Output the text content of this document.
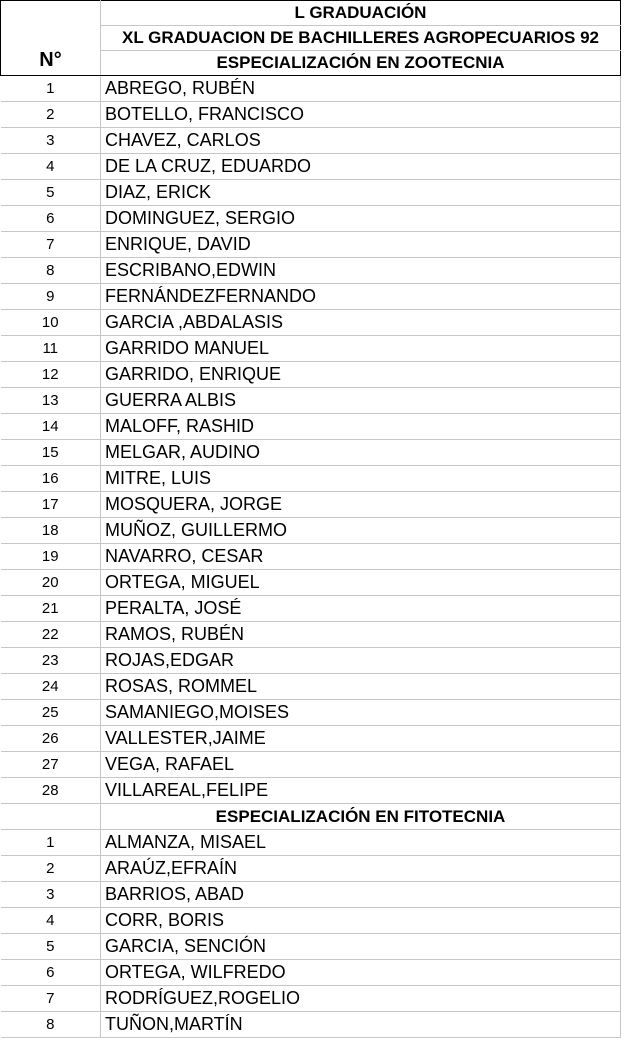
N°	L GRADUACIÓN
	XL GRADUACION DE BACHILLERES AGROPECUARIOS 92
	ESPECIALIZACIÓN EN ZOOTECNIA
1	ABREGO, RUBÉN
2	BOTELLO, FRANCISCO
3	CHAVEZ, CARLOS
4	DE LA CRUZ, EDUARDO
5	DIAZ, ERICK
6	DOMINGUEZ, SERGIO
7	ENRIQUE, DAVID
8	ESCRIBANO,EDWIN
9	FERNÁNDEZFERNANDO
10	GARCIA ,ABDALASIS
11	GARRIDO MANUEL
12	GARRIDO, ENRIQUE
13	GUERRA ALBIS
14	MALOFF, RASHID
15	MELGAR, AUDINO
16	MITRE, LUIS
17	MOSQUERA, JORGE
18	MUÑOZ, GUILLERMO
19	NAVARRO, CESAR
20	ORTEGA, MIGUEL
21	PERALTA, JOSÉ
22	RAMOS, RUBÉN
23	ROJAS,EDGAR
24	ROSAS, ROMMEL
25	SAMANIEGO,MOISES
26	VALLESTER,JAIME
27	VEGA, RAFAEL
28	VILLAREAL,FELIPE
	ESPECIALIZACIÓN EN FITOTECNIA
1	ALMANZA, MISAEL
2	ARAÚZ,EFRAÍN
3	BARRIOS, ABAD
4	CORR, BORIS
5	GARCIA, SENCIÓN
6	ORTEGA, WILFREDO
7	RODRÍGUEZ,ROGELIO
8	TUÑON,MARTÍN
